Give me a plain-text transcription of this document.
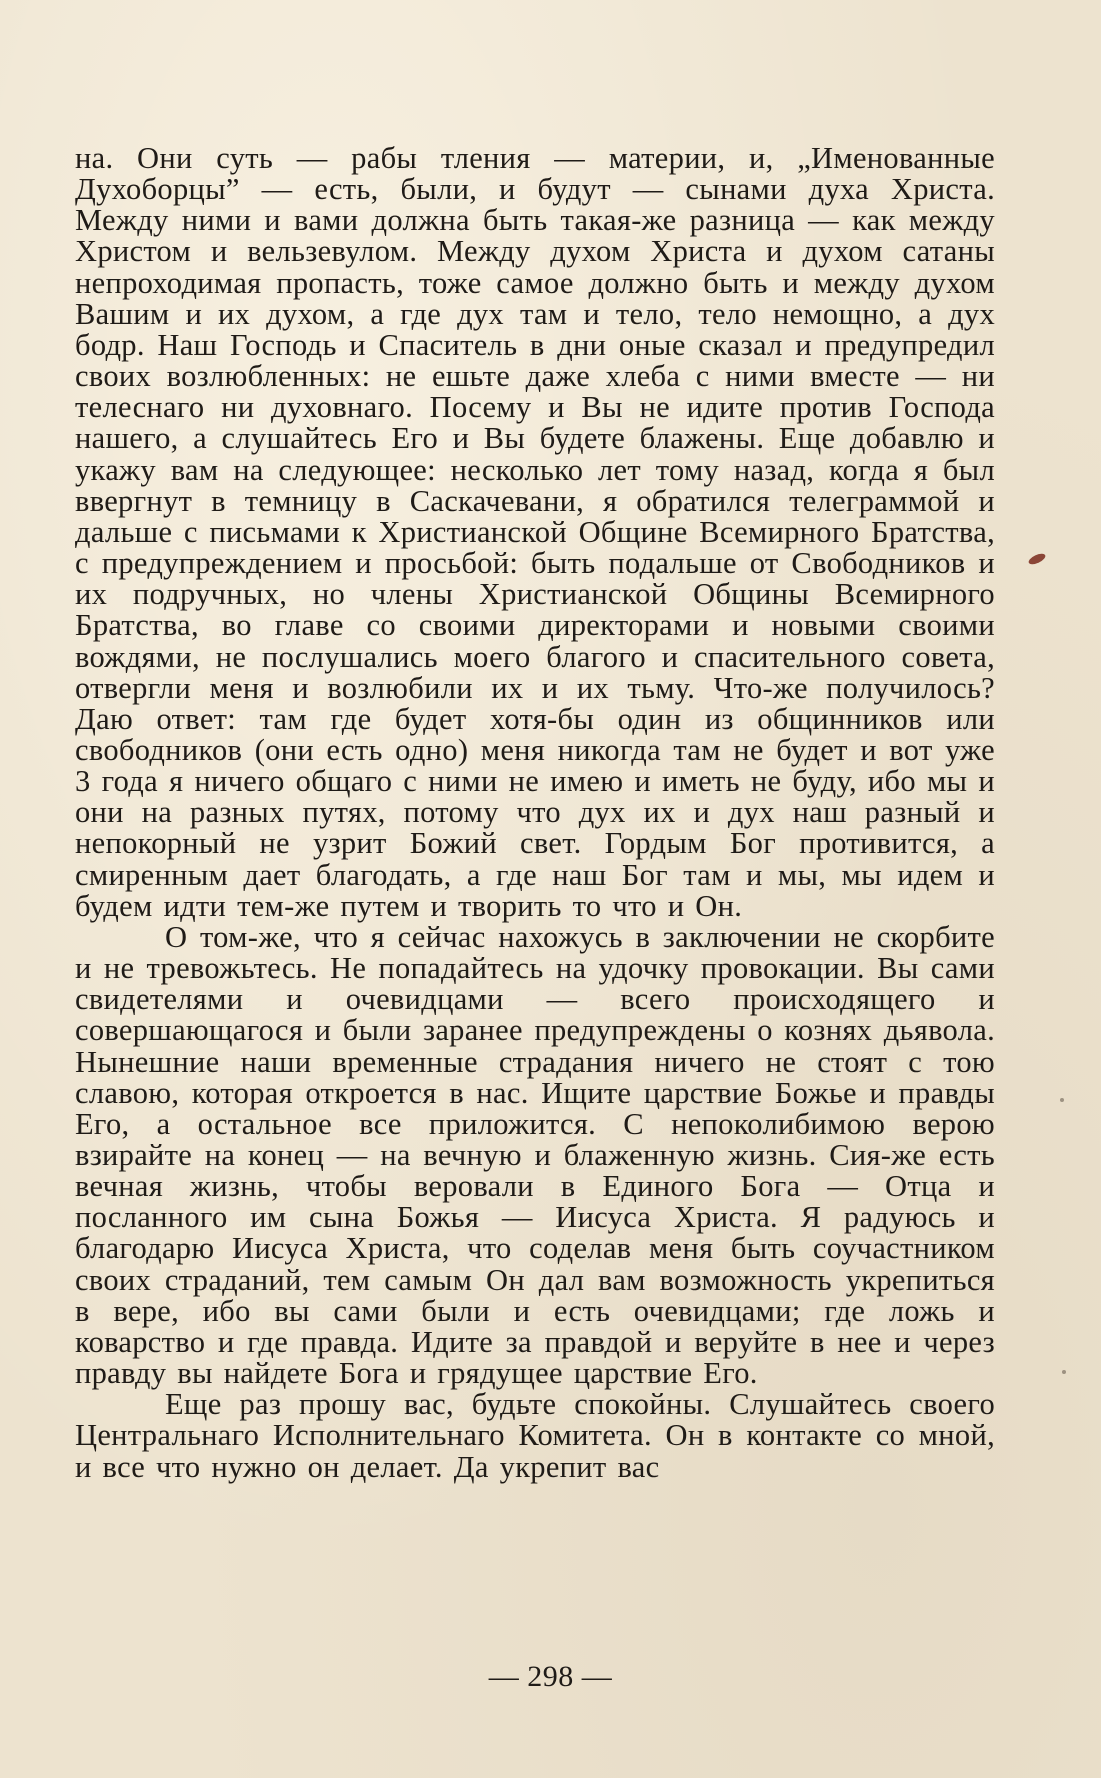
на. Они суть — рабы тления — материи, и, „Именованные Духоборцы” — есть, были, и будут — сынами духа Христа. Между ними и вами должна быть такая-же разница — как между Христом и вельзевулом. Между духом Христа и духом сатаны непроходимая пропасть, тоже самое должно быть и между духом Вашим и их духом, а где дух там и тело, тело немощно, а дух бодр. Наш Господь и Спаситель в дни оные сказал и предупредил своих возлюбленных: не ешьте даже хлеба с ними вместе — ни телеснаго ни духовнаго. Посему и Вы не идите против Господа нашего, а слушайтесь Его и Вы будете блажены. Еще добавлю и укажу вам на следующее: несколько лет тому назад, когда я был ввергнут в темницу в Саскачевани, я обратился телеграммой и дальше с письмами к Христианской Общине Всемирного Братства, с предупреждением и просьбой: быть подальше от Свободников и их подручных, но члены Христианской Общины Всемирного Братства, во главе со своими директорами и новыми своими вождями, не послушались моего благого и спасительного совета, отвергли меня и возлюбили их и их тьму. Что-же получилось? Даю ответ: там где будет хотя-бы один из общинников или свободников (они есть одно) меня никогда там не будет и вот уже 3 года я ничего общаго с ними не имею и иметь не буду, ибо мы и они на разных путях, потому что дух их и дух наш разный и непокорный не узрит Божий свет. Гордым Бог противится, а смиренным дает благодать, а где наш Бог там и мы, мы идем и будем идти тем-же путем и творить то что и Он.

О том-же, что я сейчас нахожусь в заключении не скорбите и не тревожьтесь. Не попадайтесь на удочку провокации. Вы сами свидетелями и очевидцами — всего происходящего и совершающагося и были заранее предупреждены о кознях дьявола. Нынешние наши временные страдания ничего не стоят с тою славою, которая откроется в нас. Ищите царствие Божье и правды Его, а остальное все приложится. С непоколибимою верою взирайте на конец — на вечную и блаженную жизнь. Сия-же есть вечная жизнь, чтобы веровали в Единого Бога — Отца и посланного им сына Божья — Иисуса Христа. Я радуюсь и благодарю Иисуса Христа, что соделав меня быть соучастником своих страданий, тем самым Он дал вам возможность укрепиться в вере, ибо вы сами были и есть очевидцами; где ложь и коварство и где правда. Идите за правдой и веруйте в нее и через правду вы найдете Бога и грядущее царствие Его.

Еще раз прошу вас, будьте спокойны. Слушайтесь своего Центральнаго Исполнительнаго Комитета. Он в контакте со мной, и все что нужно он делает. Да укрепит вас

— 298 —
